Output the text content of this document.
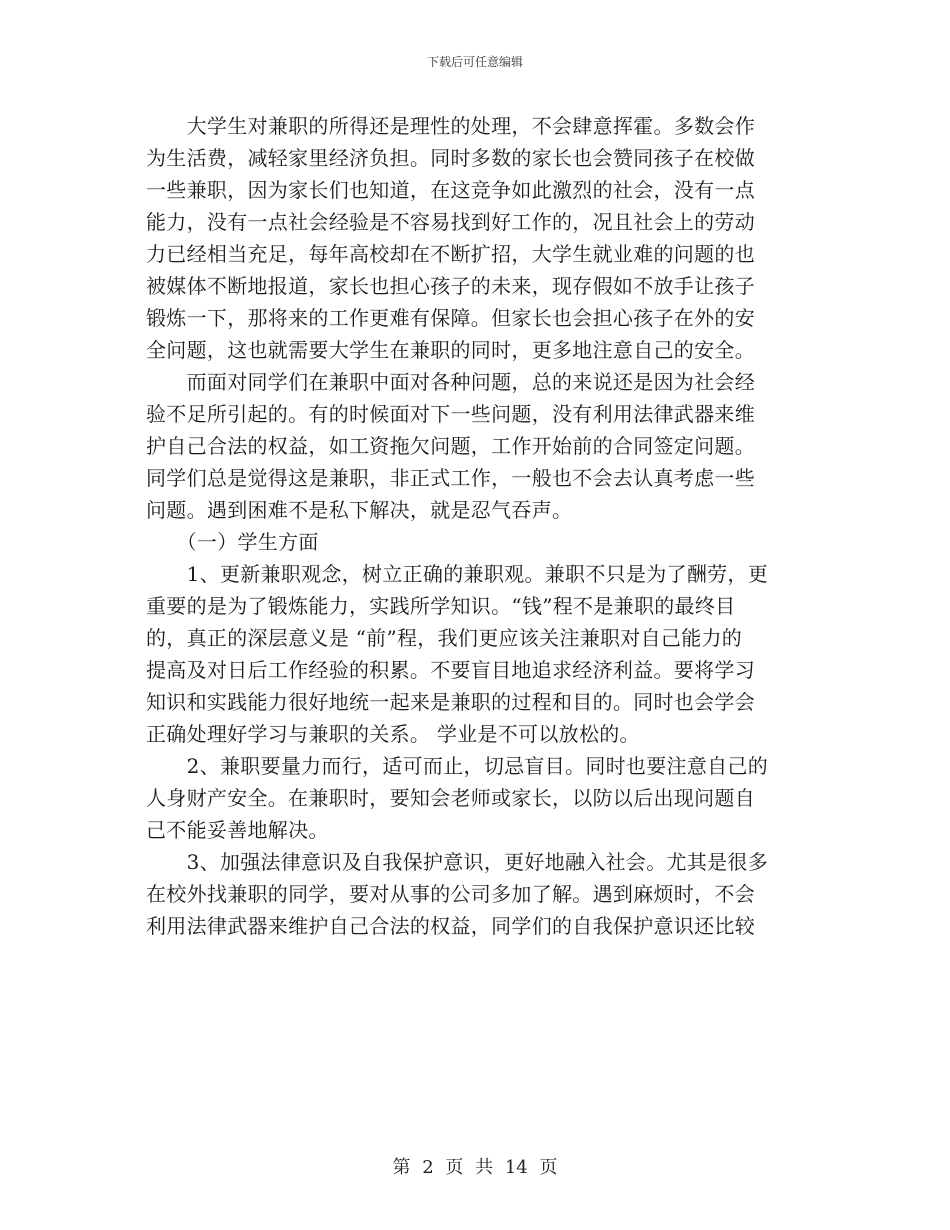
下载后可任意编辑
　　大学生对兼职的所得还是理性的处理，不会肆意挥霍。多数会作
为生活费，减轻家里经济负担。同时多数的家长也会赞同孩子在校做
一些兼职，因为家长们也知道，在这竞争如此激烈的社会，没有一点
能力，没有一点社会经验是不容易找到好工作的，况且社会上的劳动
力已经相当充足，每年高校却在不断扩招，大学生就业难的问题的也
被媒体不断地报道，家长也担心孩子的未来，现存假如不放手让孩子
锻炼一下，那将来的工作更难有保障。但家长也会担心孩子在外的安
全问题，这也就需要大学生在兼职的同时，更多地注意自己的安全。
　　而面对同学们在兼职中面对各种问题，总的来说还是因为社会经
验不足所引起的。有的时候面对下一些问题，没有利用法律武器来维
护自己合法的权益，如工资拖欠问题，工作开始前的合同签定问题。
同学们总是觉得这是兼职，非正式工作，一般也不会去认真考虑一些
问题。遇到困难不是私下解决，就是忍气吞声。
　　（一）学生方面
　　1、更新兼职观念，树立正确的兼职观。兼职不只是为了酬劳，更
重要的是为了锻炼能力，实践所学知识。“钱”程不是兼职的最终目
的，真正的深层意义是 “前”程，我们更应该关注兼职对自己能力的
提高及对日后工作经验的积累。不要盲目地追求经济利益。要将学习
知识和实践能力很好地统一起来是兼职的过程和目的。同时也会学会
正确处理好学习与兼职的关系。 学业是不可以放松的。
　　2、兼职要量力而行，适可而止，切忌盲目。同时也要注意自己的
人身财产安全。在兼职时，要知会老师或家长，以防以后出现问题自
己不能妥善地解决。
　　3、加强法律意识及自我保护意识，更好地融入社会。尤其是很多
在校外找兼职的同学，要对从事的公司多加了解。遇到麻烦时，不会
利用法律武器来维护自己合法的权益，同学们的自我保护意识还比较
第 2 页 共 14 页
